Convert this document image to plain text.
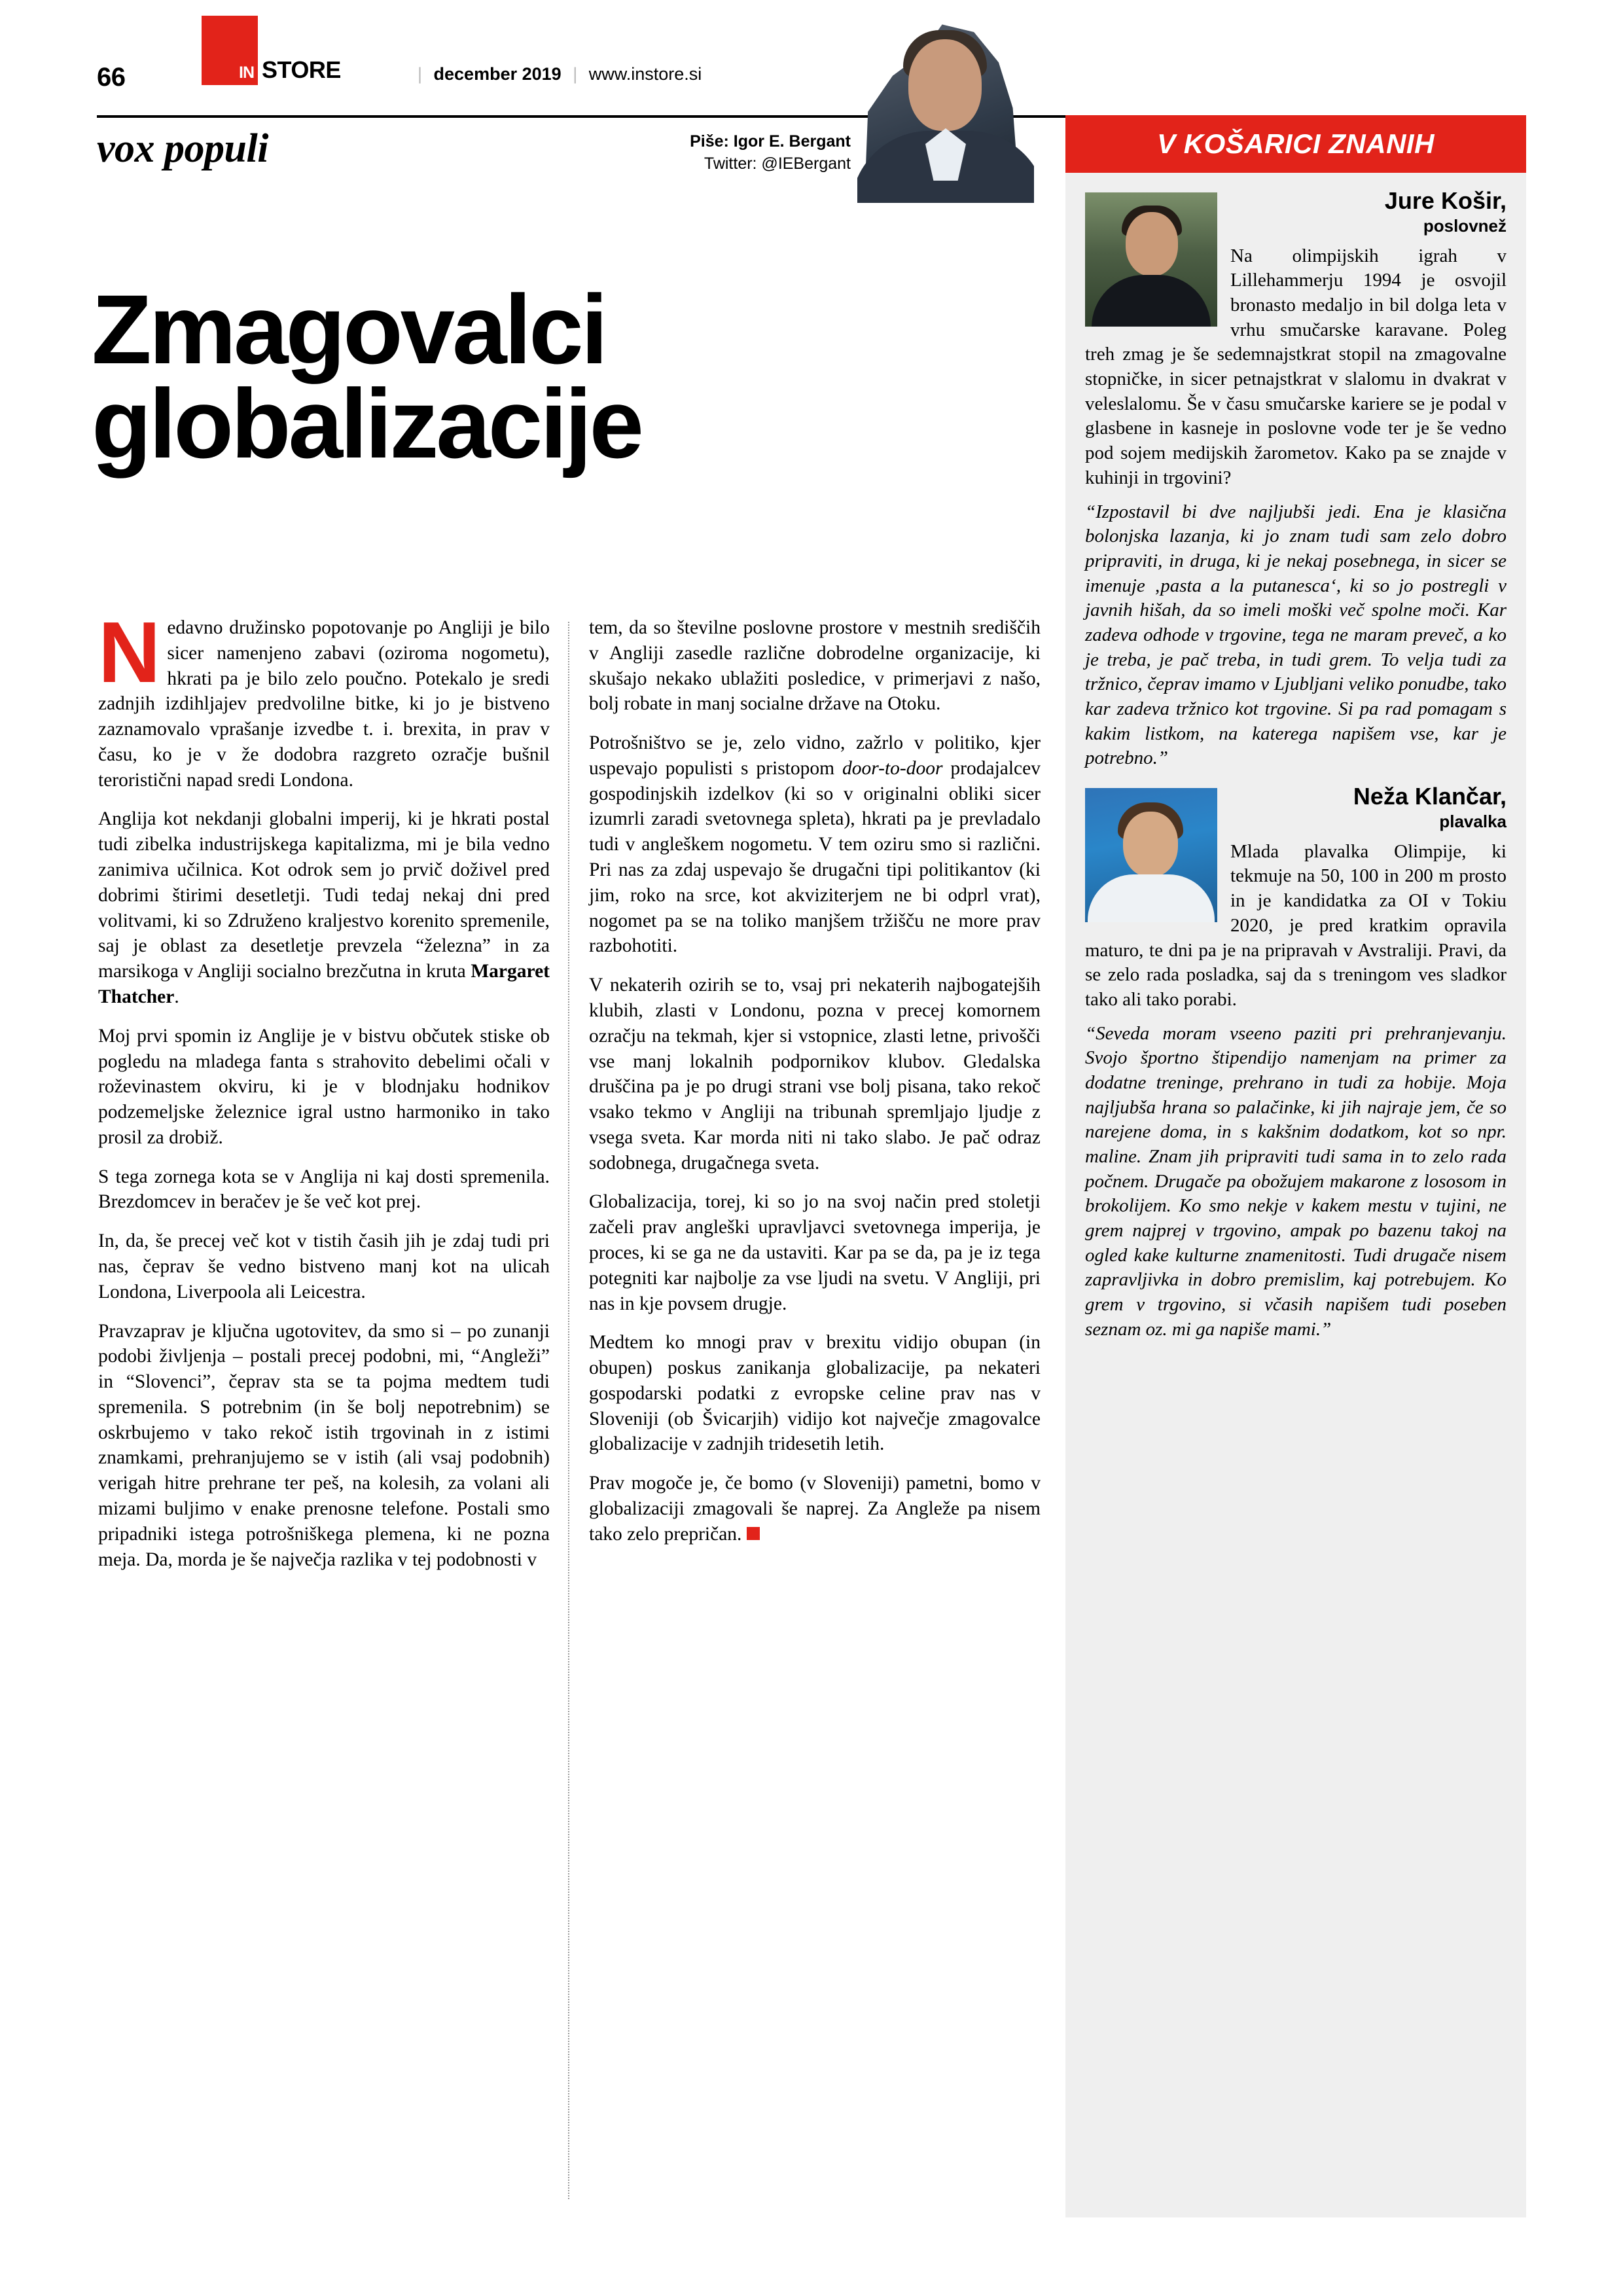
66	IN STORE	| december 2019 | www.instore.si
vox populi	Piše: Igor E. Bergant
Twitter: @IEBergant
Zmagovalci
globalizacije

Nedavno družinsko popotovanje po Angliji je bilo sicer namenjeno zabavi (oziroma nogometu), hkrati pa je bilo zelo poučno. Potekalo je sredi zadnjih izdihljajev predvolilne bitke, ki jo je bistveno zaznamovalo vprašanje izvedbe t. i. brexita, in prav v času, ko je v že dodobra razgreto ozračje bušnil teroristični napad sredi Londona.

Anglija kot nekdanji globalni imperij, ki je hkrati postal tudi zibelka industrijskega kapitalizma, mi je bila vedno zanimiva učilnica. Kot odrok sem jo prvič doživel pred dobrimi štirimi desetletji. Tudi tedaj nekaj dni pred volitvami, ki so Združeno kraljestvo korenito spremenile, saj je oblast za desetletje prevzela “železna” in za marsikoga v Angliji socialno brezčutna in kruta Margaret Thatcher.

Moj prvi spomin iz Anglije je v bistvu občutek stiske ob pogledu na mladega fanta s strahovito debelimi očali v roževinastem okviru, ki je v blodnjaku hodnikov podzemeljske železnice igral ustno harmoniko in tako prosil za drobiž.

S tega zornega kota se v Anglija ni kaj dosti spremenila. Brezdomcev in beračev je še več kot prej.

In, da, še precej več kot v tistih časih jih je zdaj tudi pri nas, čeprav še vedno bistveno manj kot na ulicah Londona, Liverpoola ali Leicestra.

Pravzaprav je ključna ugotovitev, da smo si – po zunanji podobi življenja – postali precej podobni, mi, “Angleži” in “Slovenci”, čeprav sta se ta pojma medtem tudi spremenila. S potrebnim (in še bolj nepotrebnim) se oskrbujemo v tako rekoč istih trgovinah in z istimi znamkami, prehranjujemo se v istih (ali vsaj podobnih) verigah hitre prehrane ter peš, na kolesih, za volani ali mizami buljimo v enake prenosne telefone. Postali smo pripadniki istega potrošniškega plemena, ki ne pozna meja. Da, morda je še največja razlika v tej podobnosti v

tem, da so številne poslovne prostore v mestnih središčih v Angliji zasedle različne dobrodelne organizacije, ki skušajo nekako ublažiti posledice, v primerjavi z našo, bolj robate in manj socialne države na Otoku.

Potrošništvo se je, zelo vidno, zažrlo v politiko, kjer uspevajo populisti s pristopom door-to-door prodajalcev gospodinjskih izdelkov (ki so v originalni obliki sicer izumrli zaradi svetovnega spleta), hkrati pa je prevladalo tudi v angleškem nogometu. V tem oziru smo si različni. Pri nas za zdaj uspevajo še drugačni tipi politikantov (ki jim, roko na srce, kot akviziterjem ne bi odprl vrat), nogomet pa se na toliko manjšem tržišču ne more prav razbohotiti.

V nekaterih ozirih se to, vsaj pri nekaterih najbogatejših klubih, zlasti v Londonu, pozna v precej komornem ozračju na tekmah, kjer si vstopnice, zlasti letne, privošči vse manj lokalnih podpornikov klubov. Gledalska druščina pa je po drugi strani vse bolj pisana, tako rekoč vsako tekmo v Angliji na tribunah spremljajo ljudje z vsega sveta. Kar morda niti ni tako slabo. Je pač odraz sodobnega, drugačnega sveta.

Globalizacija, torej, ki so jo na svoj način pred stoletji začeli prav angleški upravljavci svetovnega imperija, je proces, ki se ga ne da ustaviti. Kar pa se da, pa je iz tega potegniti kar najbolje za vse ljudi na svetu. V Angliji, pri nas in kje povsem drugje.

Medtem ko mnogi prav v brexitu vidijo obupan (in obupen) poskus zanikanja globalizacije, pa nekateri gospodarski podatki z evropske celine prav nas v Sloveniji (ob Švicarjih) vidijo kot največje zmagovalce globalizacije v zadnjih tridesetih letih.

Prav mogoče je, če bomo (v Sloveniji) pametni, bomo v globalizaciji zmagovali še naprej. Za Angleže pa nisem tako zelo prepričan.

V KOŠARICI ZNANIH
Jure Košir,
poslovnež

Na olimpijskih igrah v Lillehammerju 1994 je osvojil bronasto medaljo in bil dolga leta v vrhu smučarske karavane. Poleg treh zmag je še sedemnajstkrat stopil na zmagovalne stopničke, in sicer petnajstkrat v slalomu in dvakrat v veleslalomu. Še v času smučarske kariere se je podal v glasbene in kasneje in poslovne vode ter je še vedno pod sojem medijskih žarometov. Kako pa se znajde v kuhinji in trgovini?

“Izpostavil bi dve najljubši jedi. Ena je klasična bolonjska lazanja, ki jo znam tudi sam zelo dobro pripraviti, in druga, ki je nekaj posebnega, in sicer se imenuje ‚pasta a la putanesca‘, ki so jo postregli v javnih hišah, da so imeli moški več spolne moči. Kar zadeva odhode v trgovine, tega ne maram preveč, a ko je treba, je pač treba, in tudi grem. To velja tudi za tržnico, čeprav imamo v Ljubljani veliko ponudbe, tako kar zadeva tržnico kot trgovine. Si pa rad pomagam s kakim listkom, na katerega napišem vse, kar je potrebno.”

Neža Klančar,
plavalka

Mlada plavalka Olimpije, ki tekmuje na 50, 100 in 200 m prosto in je kandidatka za OI v Tokiu 2020, je pred kratkim opravila maturo, te dni pa je na pripravah v Avstraliji. Pravi, da se zelo rada posladka, saj da s treningom ves sladkor tako ali tako porabi.

“Seveda moram vseeno paziti pri prehranjevanju. Svojo športno štipendijo namenjam na primer za dodatne treninge, prehrano in tudi za hobije. Moja najljubša hrana so palačinke, ki jih najraje jem, če so narejene doma, in s kakšnim dodatkom, kot so npr. maline. Znam jih pripraviti tudi sama in to zelo rada počnem. Drugače pa obožujem makarone z lososom in brokolijem. Ko smo nekje v kakem mestu v tujini, ne grem najprej v trgovino, ampak po bazenu takoj na ogled kake kulturne znamenitosti. Tudi drugače nisem zapravljivka in dobro premislim, kaj potrebujem. Ko grem v trgovino, si včasih napišem tudi poseben seznam oz. mi ga napiše mami.”
